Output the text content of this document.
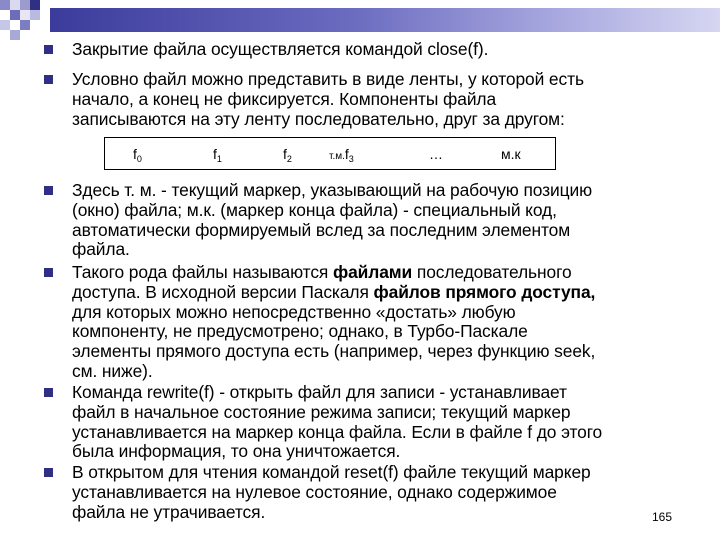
Закрытие файла осуществляется командой close(f).
Условно файл можно представить в виде ленты, у которой есть
начало, а конец не фиксируется. Компоненты файла
записываются на эту ленту последовательно, друг за другом:
Здесь т. м. - текущий маркер, указывающий на рабочую позицию
(окно) файла; м.к. (маркер конца файла) - специальный код,
автоматически формируемый вслед за последним элементом
файла.
Такого рода файлы называются файлами последовательного
доступа. В исходной версии Паскаля файлов прямого доступа,
для которых можно непосредственно «достать» любую
компоненту, не предусмотрено; однако, в Турбо-Паскале
элементы прямого доступа есть (например, через функцию seek,
см. ниже).
Команда rewrite(f) - открыть файл для записи - устанавливает
файл в начальное состояние режима записи; текущий маркер
устанавливается на маркер конца файла. Если в файле f до этого
была информация, то она уничтожается.
В открытом для чтения командой reset(f) файле текущий маркер
устанавливается на нулевое состояние, однако содержимое
файла не утрачивается.
$f_0$	$f_1$	$f_2$	$т.м.f_3$	…	м.к
165
